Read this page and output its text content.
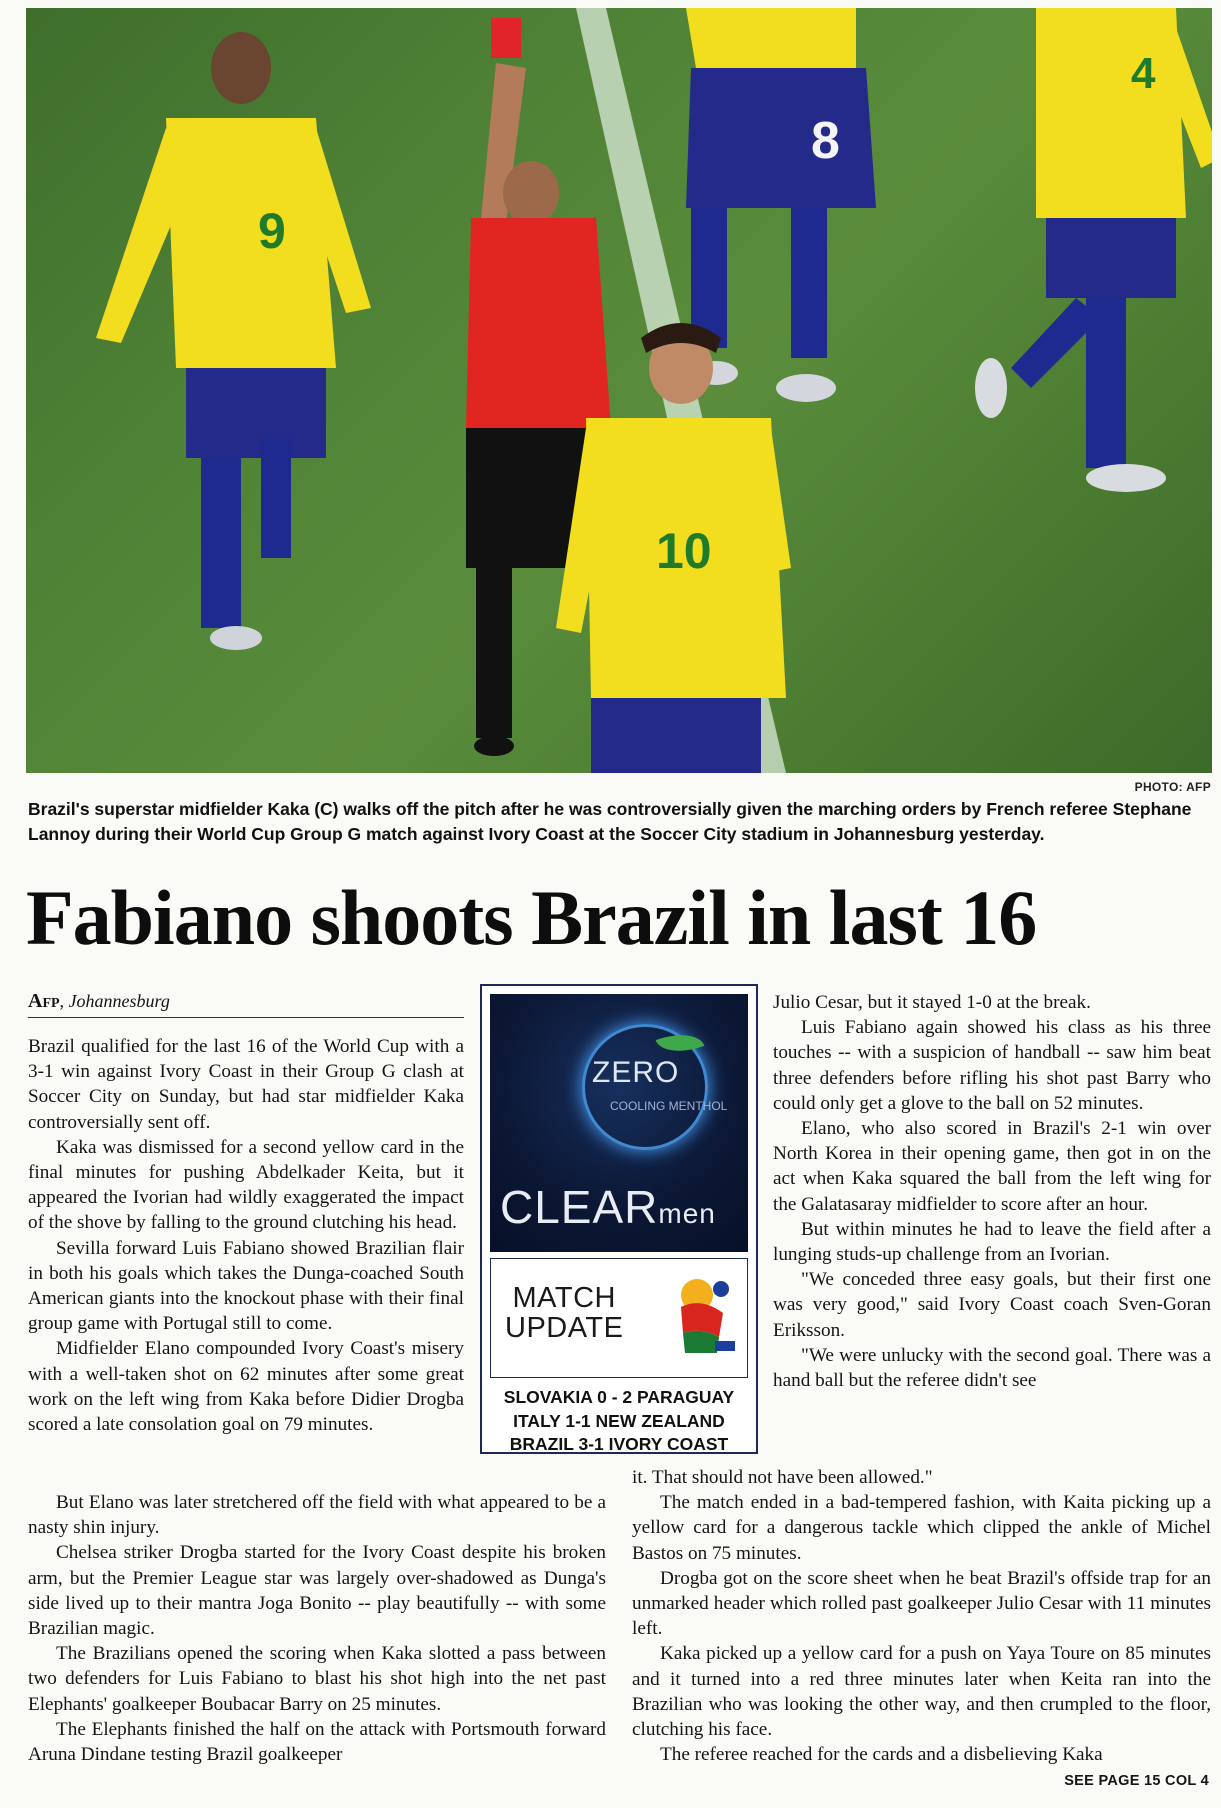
9
8
4
10
PHOTO: AFP
Brazil's superstar midfielder Kaka (C) walks off the pitch after he was controversially given the marching orders by French referee Stephane Lannoy during their World Cup Group G match against Ivory Coast at the Soccer City stadium in Johannesburg yesterday.
Fabiano shoots Brazil in last 16
Afp, Johannesburg

Brazil qualified for the last 16 of the World Cup with a 3-1 win against Ivory Coast in their Group G clash at Soccer City on Sunday, but had star midfielder Kaka controversially sent off.

Kaka was dismissed for a second yellow card in the final minutes for pushing Abdelkader Keita, but it appeared the Ivorian had wildly exaggerated the impact of the shove by falling to the ground clutching his head.

Sevilla forward Luis Fabiano showed Brazilian flair in both his goals which takes the Dunga-coached South American giants into the knockout phase with their final group game with Portugal still to come.

Midfielder Elano compounded Ivory Coast's misery with a well-taken shot on 62 minutes after some great work on the left wing from Kaka before Didier Drogba scored a late consolation goal on 79 minutes.

But Elano was later stretchered off the field with what appeared to be a nasty shin injury.

Chelsea striker Drogba started for the Ivory Coast despite his broken arm, but the Premier League star was largely over-shadowed as Dunga's side lived up to their mantra Joga Bonito -- play beautifully -- with some Brazilian magic.

The Brazilians opened the scoring when Kaka slotted a pass between two defenders for Luis Fabiano to blast his shot high into the net past Elephants' goalkeeper Boubacar Barry on 25 minutes.

The Elephants finished the half on the attack with Portsmouth forward Aruna Dindane testing Brazil goalkeeper

ZERO
COOLING MENTHOL
CLEARmen
MATCH
UPDATE
SLOVAKIA 0 - 2 PARAGUAY
ITALY 1-1 NEW ZEALAND
BRAZIL 3-1 IVORY COAST

Julio Cesar, but it stayed 1-0 at the break.

Luis Fabiano again showed his class as his three touches -- with a suspicion of handball -- saw him beat three defenders before rifling his shot past Barry who could only get a glove to the ball on 52 minutes.

Elano, who also scored in Brazil's 2-1 win over North Korea in their opening game, then got in on the act when Kaka squared the ball from the left wing for the Galatasaray midfielder to score after an hour.

But within minutes he had to leave the field after a lunging studs-up challenge from an Ivorian.

"We conceded three easy goals, but their first one was very good," said Ivory Coast coach Sven-Goran Eriksson.

"We were unlucky with the second goal. There was a hand ball but the referee didn't see

it. That should not have been allowed."

The match ended in a bad-tempered fashion, with Kaita picking up a yellow card for a dangerous tackle which clipped the ankle of Michel Bastos on 75 minutes.

Drogba got on the score sheet when he beat Brazil's offside trap for an unmarked header which rolled past goalkeeper Julio Cesar with 11 minutes left.

Kaka picked up a yellow card for a push on Yaya Toure on 85 minutes and it turned into a red three minutes later when Keita ran into the Brazilian who was looking the other way, and then crumpled to the floor, clutching his face.

The referee reached for the cards and a disbelieving Kaka

SEE PAGE 15 COL 4
